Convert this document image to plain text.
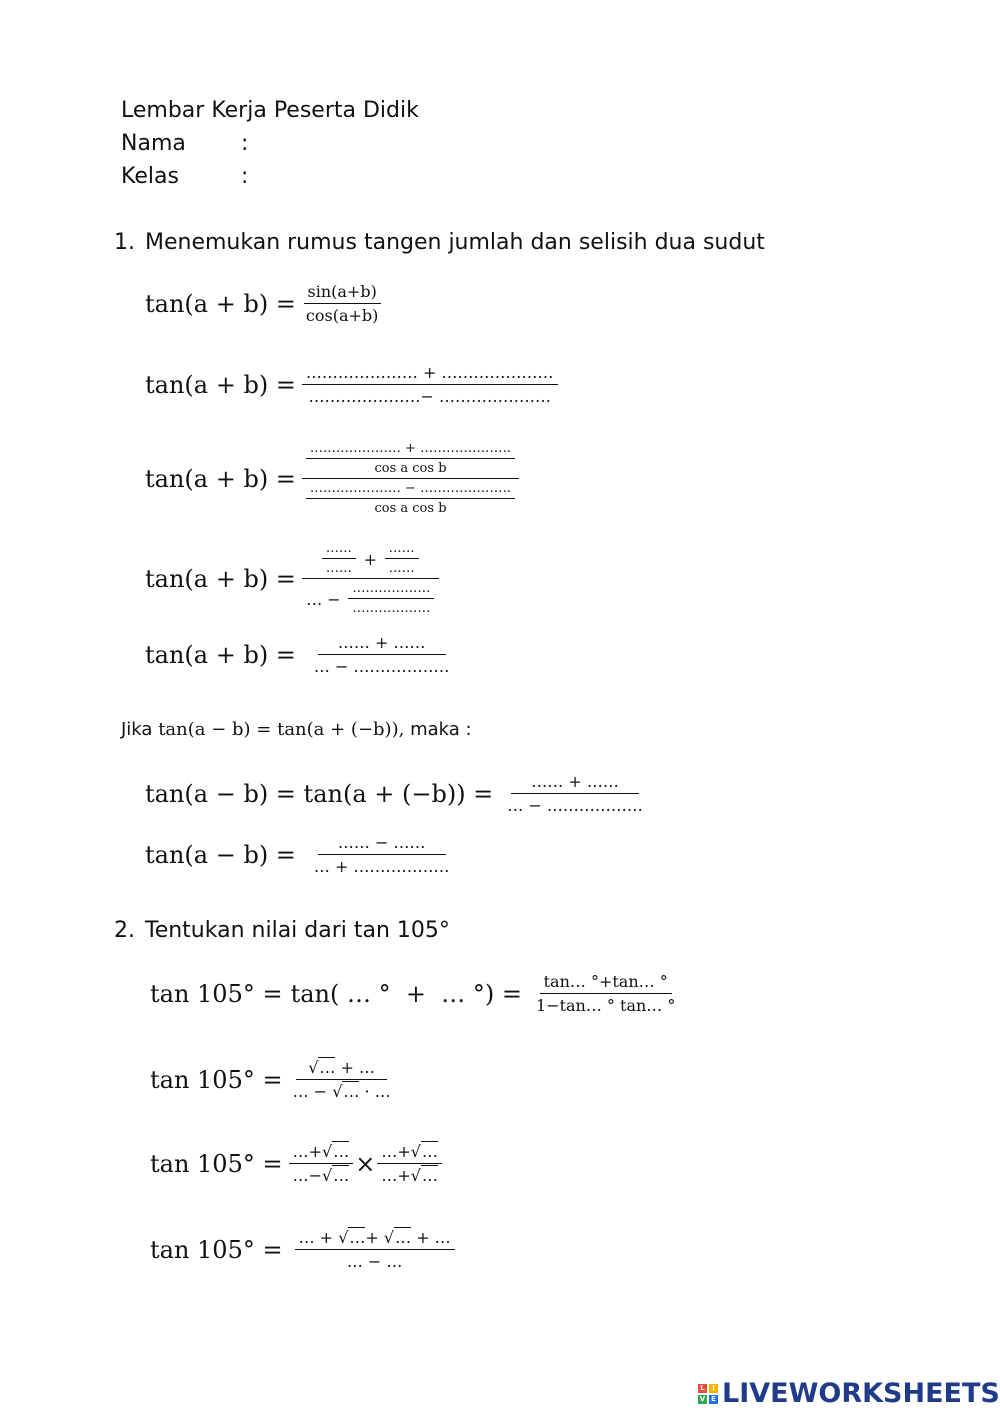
Lembar Kerja Peserta Didik
Nama	:
Kelas	:
1. Menemukan rumus tangen jumlah dan selisih dua sudut
$\tan(a + b) = \frac{\sin(a+b)}{\cos(a+b)}$
$\tan(a + b) = \frac{\dots\dots\dots\dots\dots\dots\dots + \dots\dots\dots\dots\dots\dots\dots}{\dots\dots\dots\dots\dots\dots\dots- \dots\dots\dots\dots\dots\dots\dots}$
$\tan(a + b) = \frac{\frac{\dots\dots\dots\dots\dots\dots\dots + \dots\dots\dots\dots\dots\dots\dots}{\text{cos a cos b}}}{\frac{\dots\dots\dots\dots\dots\dots\dots - \dots\dots\dots\dots\dots\dots\dots}{\text{cos a cos b}}}$
$\tan(a + b) = \frac{\frac{\dots\dots}{\dots\dots} + \frac{\dots\dots}{\dots\dots}}{\dots - \frac{\dots\dots\dots\dots\dots\dots}{\dots\dots\dots\dots\dots\dots}}$
$\tan(a + b) = \frac{\dots\dots + \dots\dots}{\dots - \dots\dots\dots\dots\dots\dots}$
Jika tan(a − b) = tan(a + (−b)), maka :
$\tan(a - b) = \tan(a + (-b)) = \frac{\dots\dots + \dots\dots}{\dots - \dots\dots\dots\dots\dots\dots}$
$\tan(a - b) = \frac{\dots\dots - \dots\dots}{\dots + \dots\dots\dots\dots\dots\dots}$
2. Tentukan nilai dari tan 105°
tan 105° = tan( … °  +  … °) = $\frac{\tan\dots ^\circ+\tan\dots ^\circ}{1-\tan\dots ^\circ \tan\dots ^\circ}$
$\tan 105^\circ = \frac{√\dots + \dots}{\dots - √\dots \cdot \dots}$
$\tan 105^\circ = \frac{\dots+√\dots}{\dots-√\dots} \times \frac{\dots+√\dots}{\dots+√\dots}$
$\tan 105^\circ = \frac{\dots + √\dots+ √\dots + \dots}{\dots - \dots}$
L	I
V E LIVEWORKSHEETS
